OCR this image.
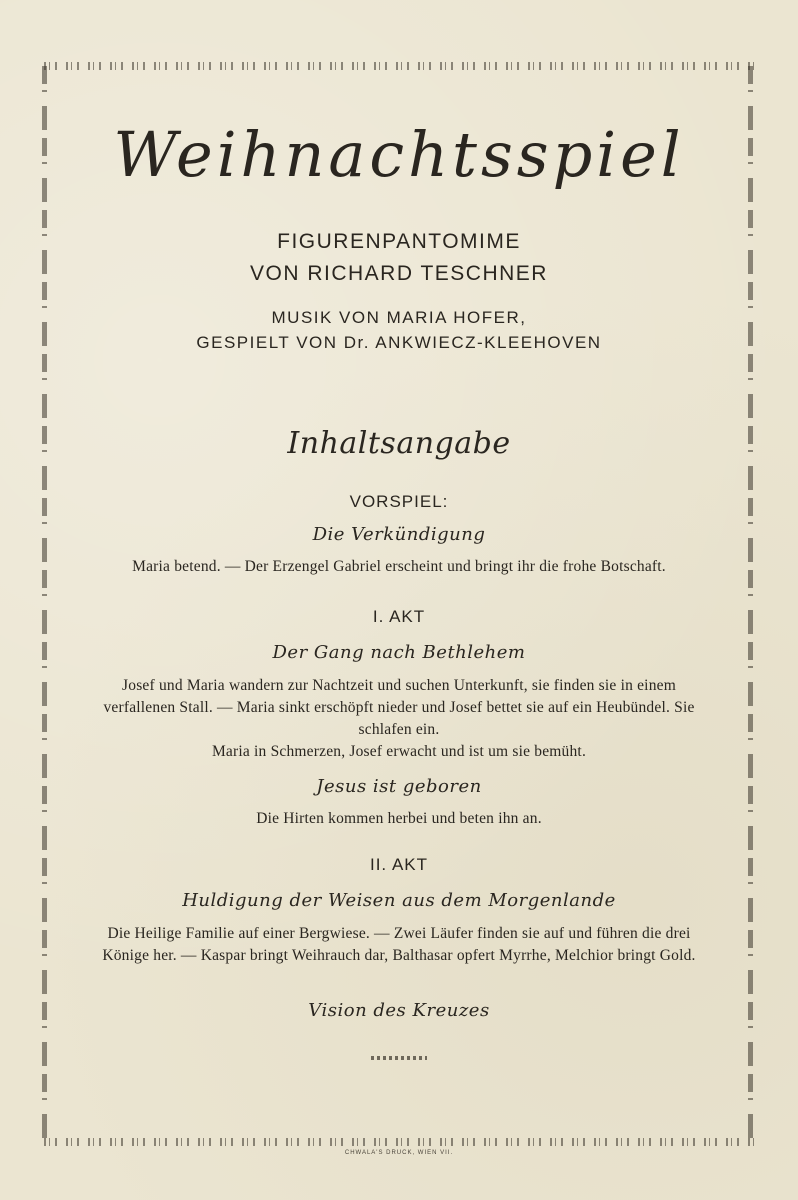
Weihnachtsspiel
FIGURENPANTOMIME
VON RICHARD TESCHNER
MUSIK VON MARIA HOFER,
GESPIELT VON Dr. ANKWIECZ-KLEEHOVEN
Inhaltsangabe
VORSPIEL:
Die Verkündigung
Maria betend. — Der Erzengel Gabriel erscheint und bringt ihr die frohe Botschaft.
I. AKT
Der Gang nach Bethlehem
Josef und Maria wandern zur Nachtzeit und suchen Unterkunft, sie finden sie in einem verfallenen Stall. — Maria sinkt erschöpft nieder und Josef bettet sie auf ein Heubündel. Sie schlafen ein.
Maria in Schmerzen, Josef erwacht und ist um sie bemüht.
Jesus ist geboren
Die Hirten kommen herbei und beten ihn an.
II. AKT
Huldigung der Weisen aus dem Morgenlande
Die Heilige Familie auf einer Bergwiese. — Zwei Läufer finden sie auf und führen die drei Könige her. — Kaspar bringt Weihrauch dar, Balthasar opfert Myrrhe, Melchior bringt Gold.
Vision des Kreuzes
CHWALA'S DRUCK, WIEN VII.
